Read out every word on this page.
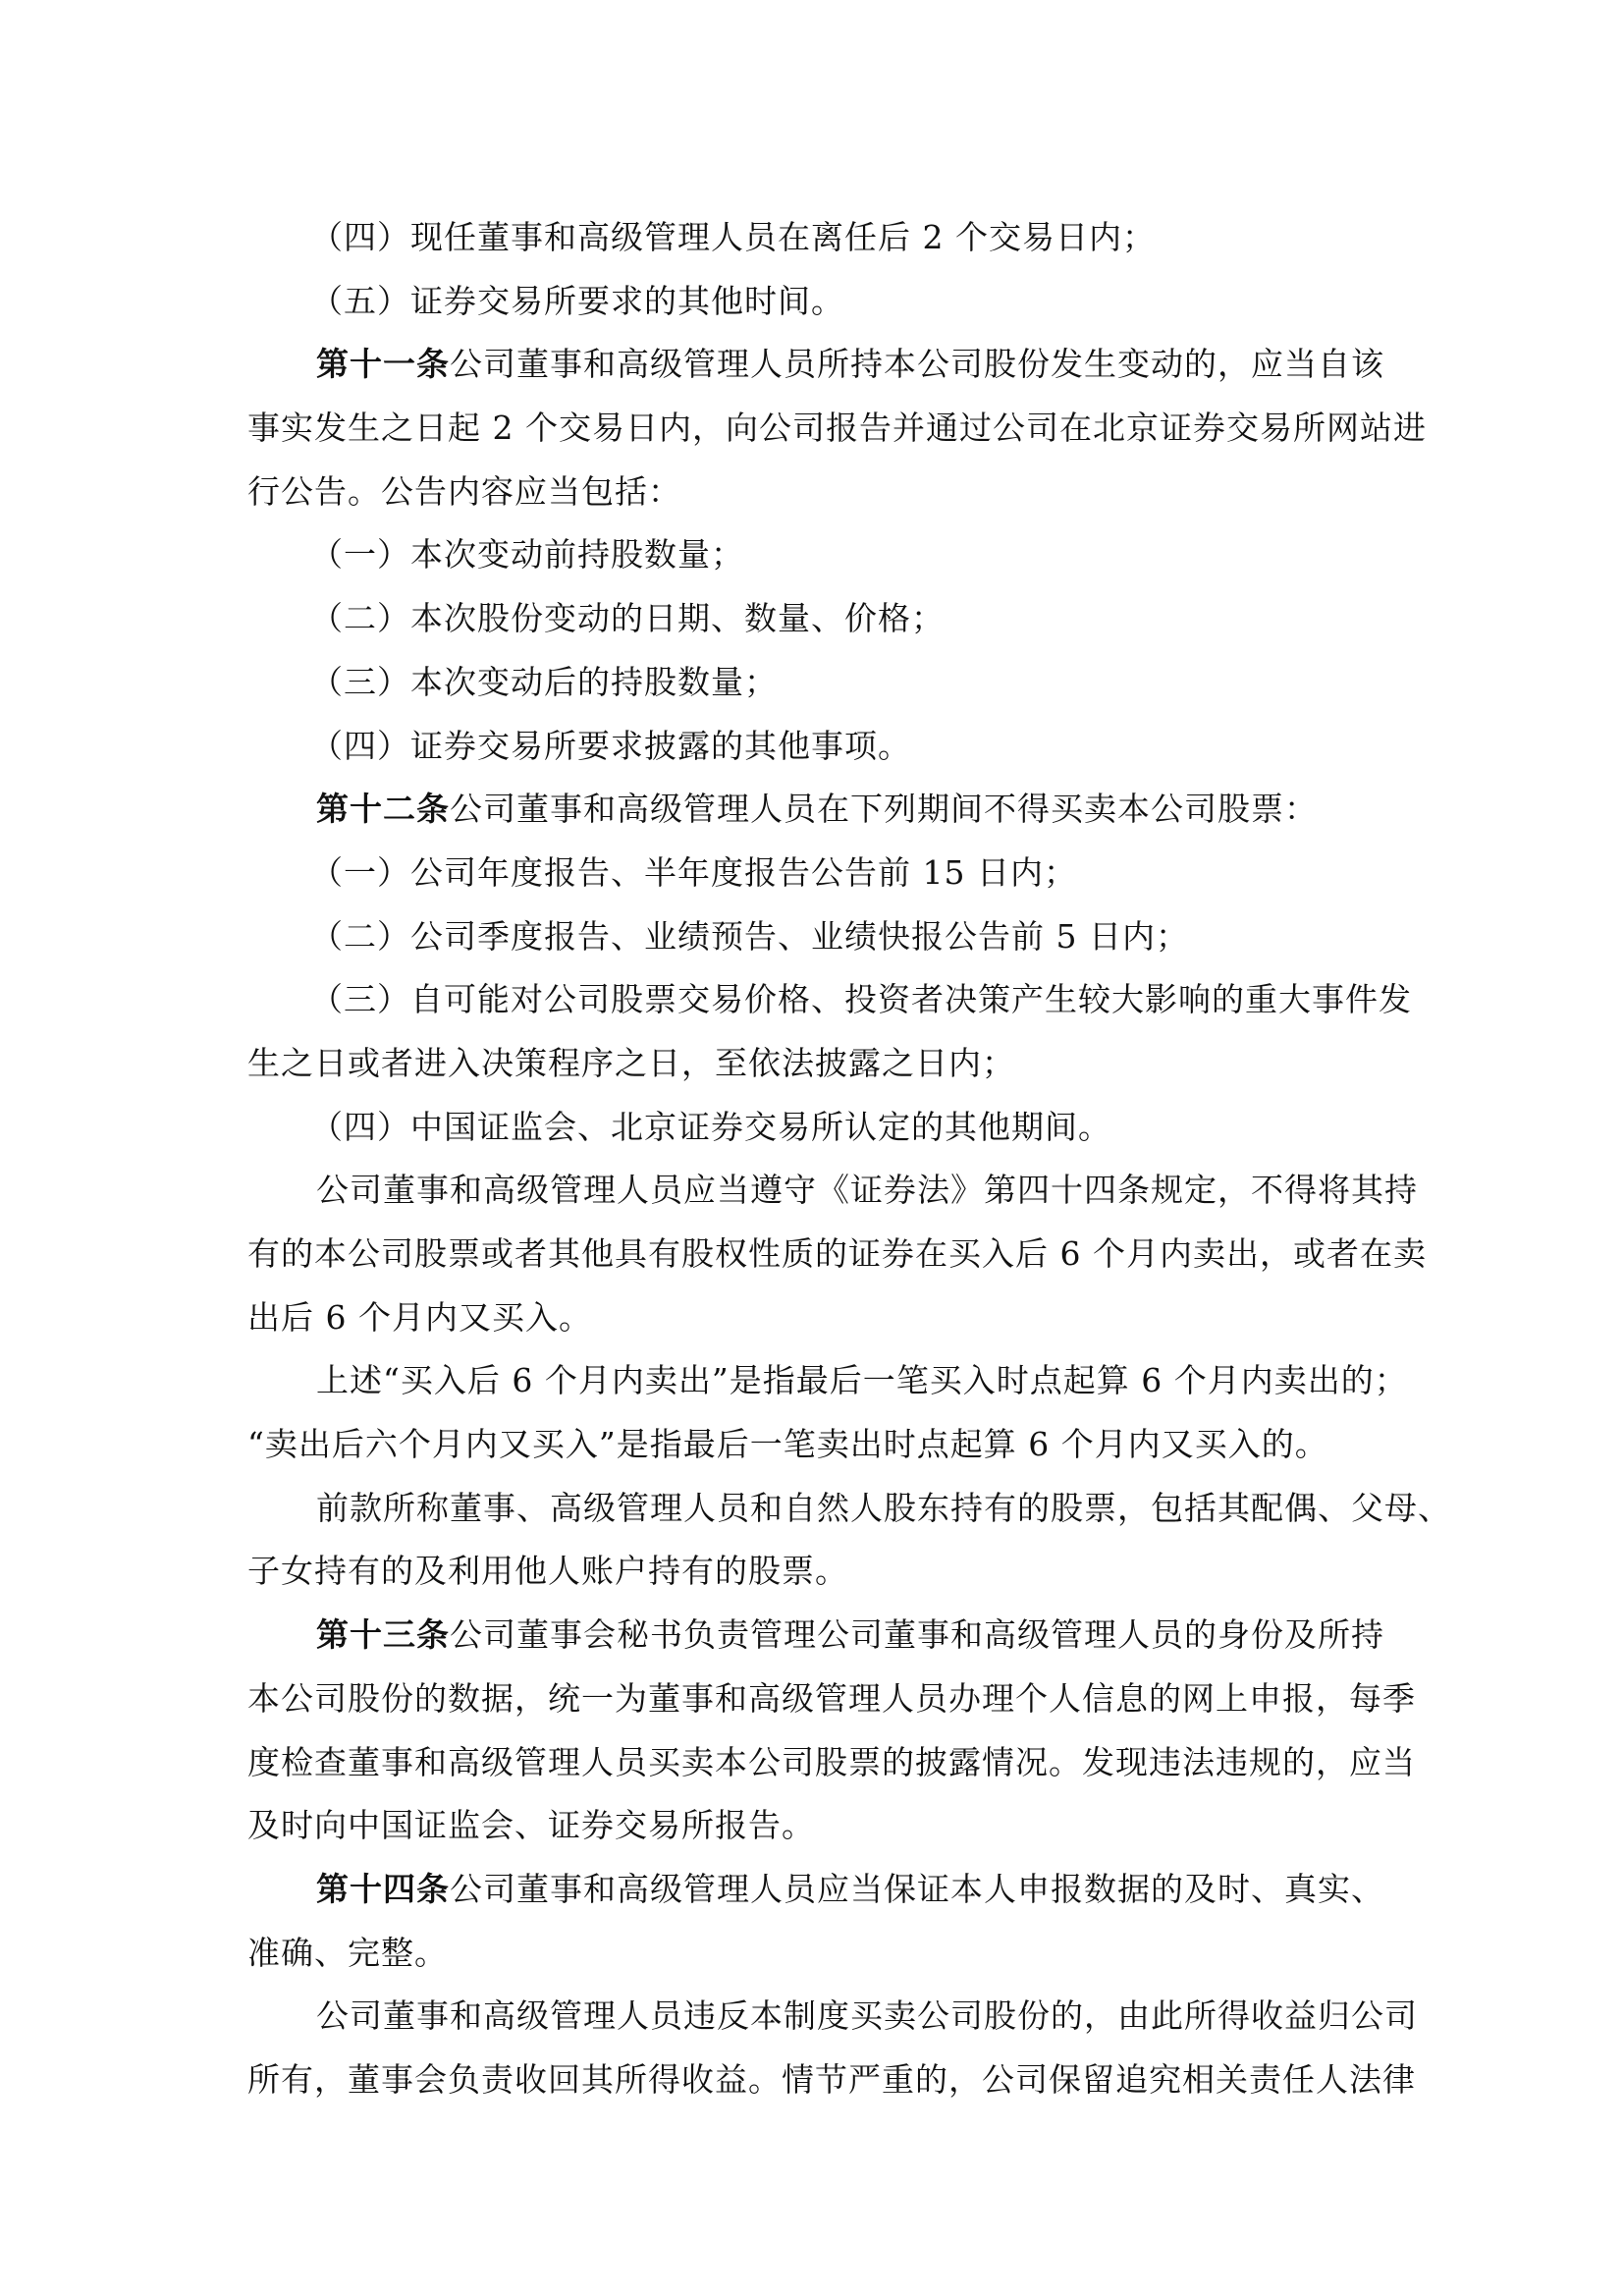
（四）现任董事和高级管理人员在离任后 2 个交易日内；
（五）证券交易所要求的其他时间。
第十一条公司董事和高级管理人员所持本公司股份发生变动的，应当自该
事实发生之日起 2 个交易日内，向公司报告并通过公司在北京证券交易所网站进
行公告。公告内容应当包括：
（一）本次变动前持股数量；
（二）本次股份变动的日期、数量、价格；
（三）本次变动后的持股数量；
（四）证券交易所要求披露的其他事项。
第十二条公司董事和高级管理人员在下列期间不得买卖本公司股票：
（一）公司年度报告、半年度报告公告前 15 日内；
（二）公司季度报告、业绩预告、业绩快报公告前 5 日内；
（三）自可能对公司股票交易价格、投资者决策产生较大影响的重大事件发
生之日或者进入决策程序之日，至依法披露之日内；
（四）中国证监会、北京证券交易所认定的其他期间。
公司董事和高级管理人员应当遵守《证券法》第四十四条规定，不得将其持
有的本公司股票或者其他具有股权性质的证券在买入后 6 个月内卖出，或者在卖
出后 6 个月内又买入。
上述“买入后 6 个月内卖出”是指最后一笔买入时点起算 6 个月内卖出的；
“卖出后六个月内又买入”是指最后一笔卖出时点起算 6 个月内又买入的。
前款所称董事、高级管理人员和自然人股东持有的股票，包括其配偶、父母、
子女持有的及利用他人账户持有的股票。
第十三条公司董事会秘书负责管理公司董事和高级管理人员的身份及所持
本公司股份的数据，统一为董事和高级管理人员办理个人信息的网上申报，每季
度检查董事和高级管理人员买卖本公司股票的披露情况。发现违法违规的，应当
及时向中国证监会、证券交易所报告。
第十四条公司董事和高级管理人员应当保证本人申报数据的及时、真实、
准确、完整。
公司董事和高级管理人员违反本制度买卖公司股份的，由此所得收益归公司
所有，董事会负责收回其所得收益。情节严重的，公司保留追究相关责任人法律
